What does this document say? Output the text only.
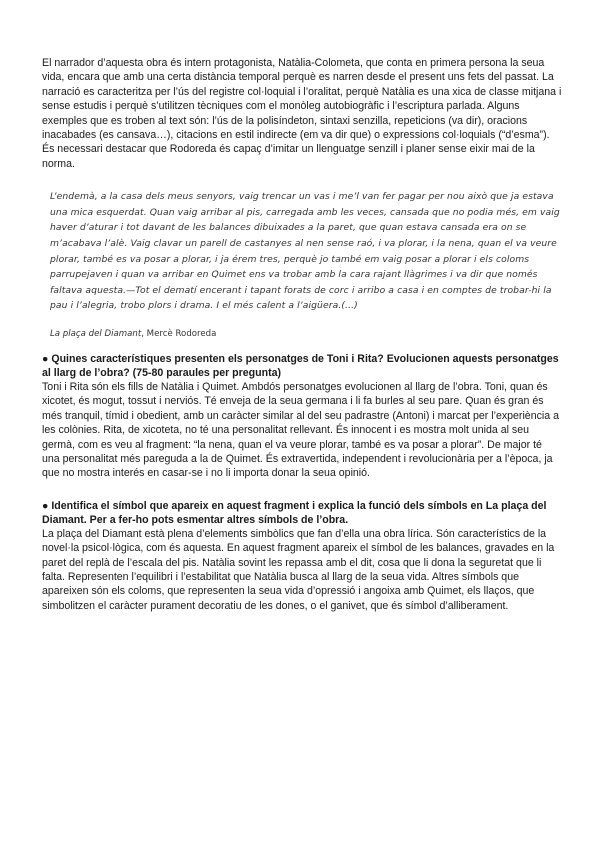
El narrador d’aquesta obra és intern protagonista, Natàlia-Colometa, que conta en primera persona la seua vida, encara que amb una certa distància temporal perquè es narren desde el present uns fets del passat. La narració es caracteritza per l’ús del registre col·loquial i l’oralitat, perquè Natàlia es una xica de classe mitjana i sense estudis i perquè s’utilitzen tècniques com el monòleg autobiogràfic i l’escriptura parlada. Alguns exemples que es troben al text són: l’ús de la polisíndeton, sintaxi senzilla, repeticions (va dir), oracions inacabades (es cansava…), citacions en estil indirecte (em va dir que) o expressions col·loquials (“d’esma”). És necessari destacar que Rodoreda és capaç d’imitar un llenguatge senzill i planer sense eixir mai de la norma.

L’endemà, a la casa dels meus senyors, vaig trencar un vas i me’l van fer pagar per nou això que ja estava una mica esquerdat. Quan vaig arribar al pis, carregada amb les veces, cansada que no podia més, em vaig haver d’aturar i tot davant de les balances dibuixades a la paret, que quan estava cansada era on se m’acabava l’alè. Vaig clavar un parell de castanyes al nen sense raó, i va plorar, i la nena, quan el va veure plorar, també es va posar a plorar, i ja érem tres, perquè jo també em vaig posar a plorar i els coloms parrupejaven i quan va arribar en Quimet ens va trobar amb la cara rajant llàgrimes i va dir que només faltava aquesta.—Tot el dematí encerant i tapant forats de corc i arribo a casa i en comptes de trobar-hi la pau i l’alegria, trobo plors i drama. I el més calent a l’aigüera.(...)

La plaça del Diamant, Mercè Rodoreda

● Quines característiques presenten els personatges de Toni i Rita? Evolucionen aquests personatges al llarg de l’obra? (75-80 paraules per pregunta)

Toni i Rita són els fills de Natàlia i Quimet. Ambdós personatges evolucionen al llarg de l’obra. Toni, quan és xicotet, és mogut, tossut i nerviós. Té enveja de la seua germana i li fa burles al seu pare. Quan és gran és més tranquil, tímid i obedient, amb un caràcter similar al del seu padrastre (Antoni) i marcat per l’experiència a les colònies. Rita, de xicoteta, no té una personalitat rellevant. És innocent i es mostra molt unida al seu germà, com es veu al fragment: “la nena, quan el va veure plorar, també es va posar a plorar”. De major té una personalitat més pareguda a la de Quimet. És extravertida, independent i revolucionària per a l’època, ja que no mostra interés en casar-se i no li importa donar la seua opinió.

● Identifica el símbol que apareix en aquest fragment i explica la funció dels símbols en La plaça del Diamant. Per a fer-ho pots esmentar altres símbols de l’obra.

La plaça del Diamant està plena d’elements simbòlics que fan d’ella una obra lírica. Són característics de la novel·la psicol·lògica, com és aquesta. En aquest fragment apareix el símbol de les balances, gravades en la paret del replà de l’escala del pis. Natàlia sovint les repassa amb el dit, cosa que li dona la seguretat que li falta. Representen l’equilibri i l’estabilitat que Natàlia busca al llarg de la seua vida. Altres símbols que apareixen són els coloms, que representen la seua vida d’opressió i angoixa amb Quimet, els llaços, que simbolitzen el caràcter purament decoratiu de les dones, o el ganivet, que és símbol d’alliberament.
